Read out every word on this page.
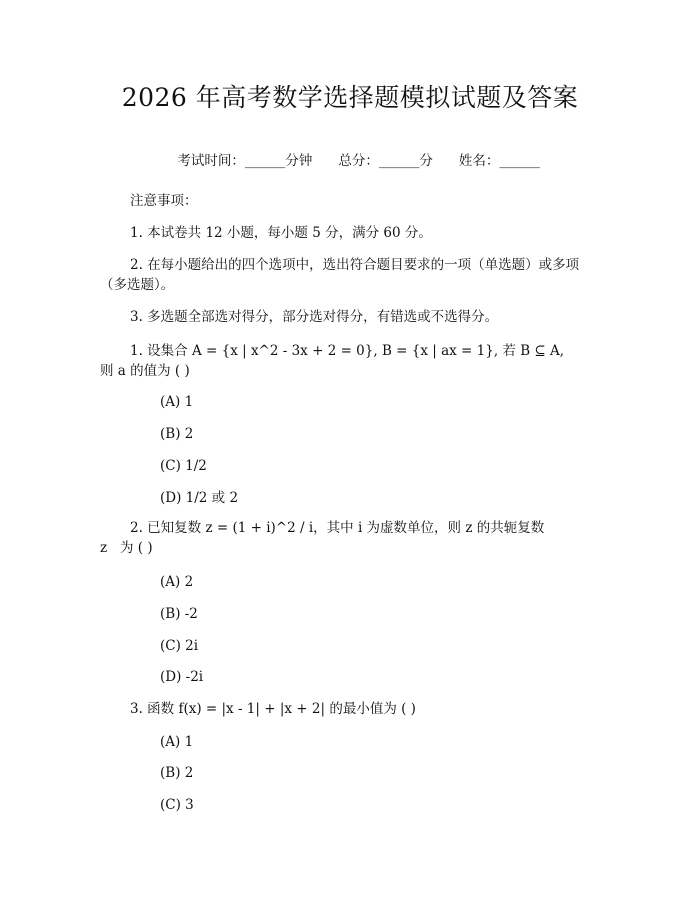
2026 年高考数学选择题模拟试题及答案

考试时间：______分钟 总分：______分 姓名：______

注意事项：
1. 本试卷共 12 小题，每小题 5 分，满分 60 分。
2. 在每小题给出的四个选项中，选出符合题目要求的一项（单选题）或多项
（多选题）。
3. 多选题全部选对得分，部分选对得分，有错选或不选得分。
1. 设集合 A = {x | x^2 - 3x + 2 = 0}, B = {x | ax = 1}, 若 B ⊆ A,
则 a 的值为 ( )
(A) 1
(B) 2
(C) 1/2
(D) 1/2 或 2
2. 已知复数 z = (1 + i)^2 / i，其中 i 为虚数单位，则 z 的共轭复数
z   为 ( )
(A) 2
(B) -2
(C) 2i
(D) -2i
3. 函数 f(x) = |x - 1| + |x + 2| 的最小值为 ( )
(A) 1
(B) 2
(C) 3
